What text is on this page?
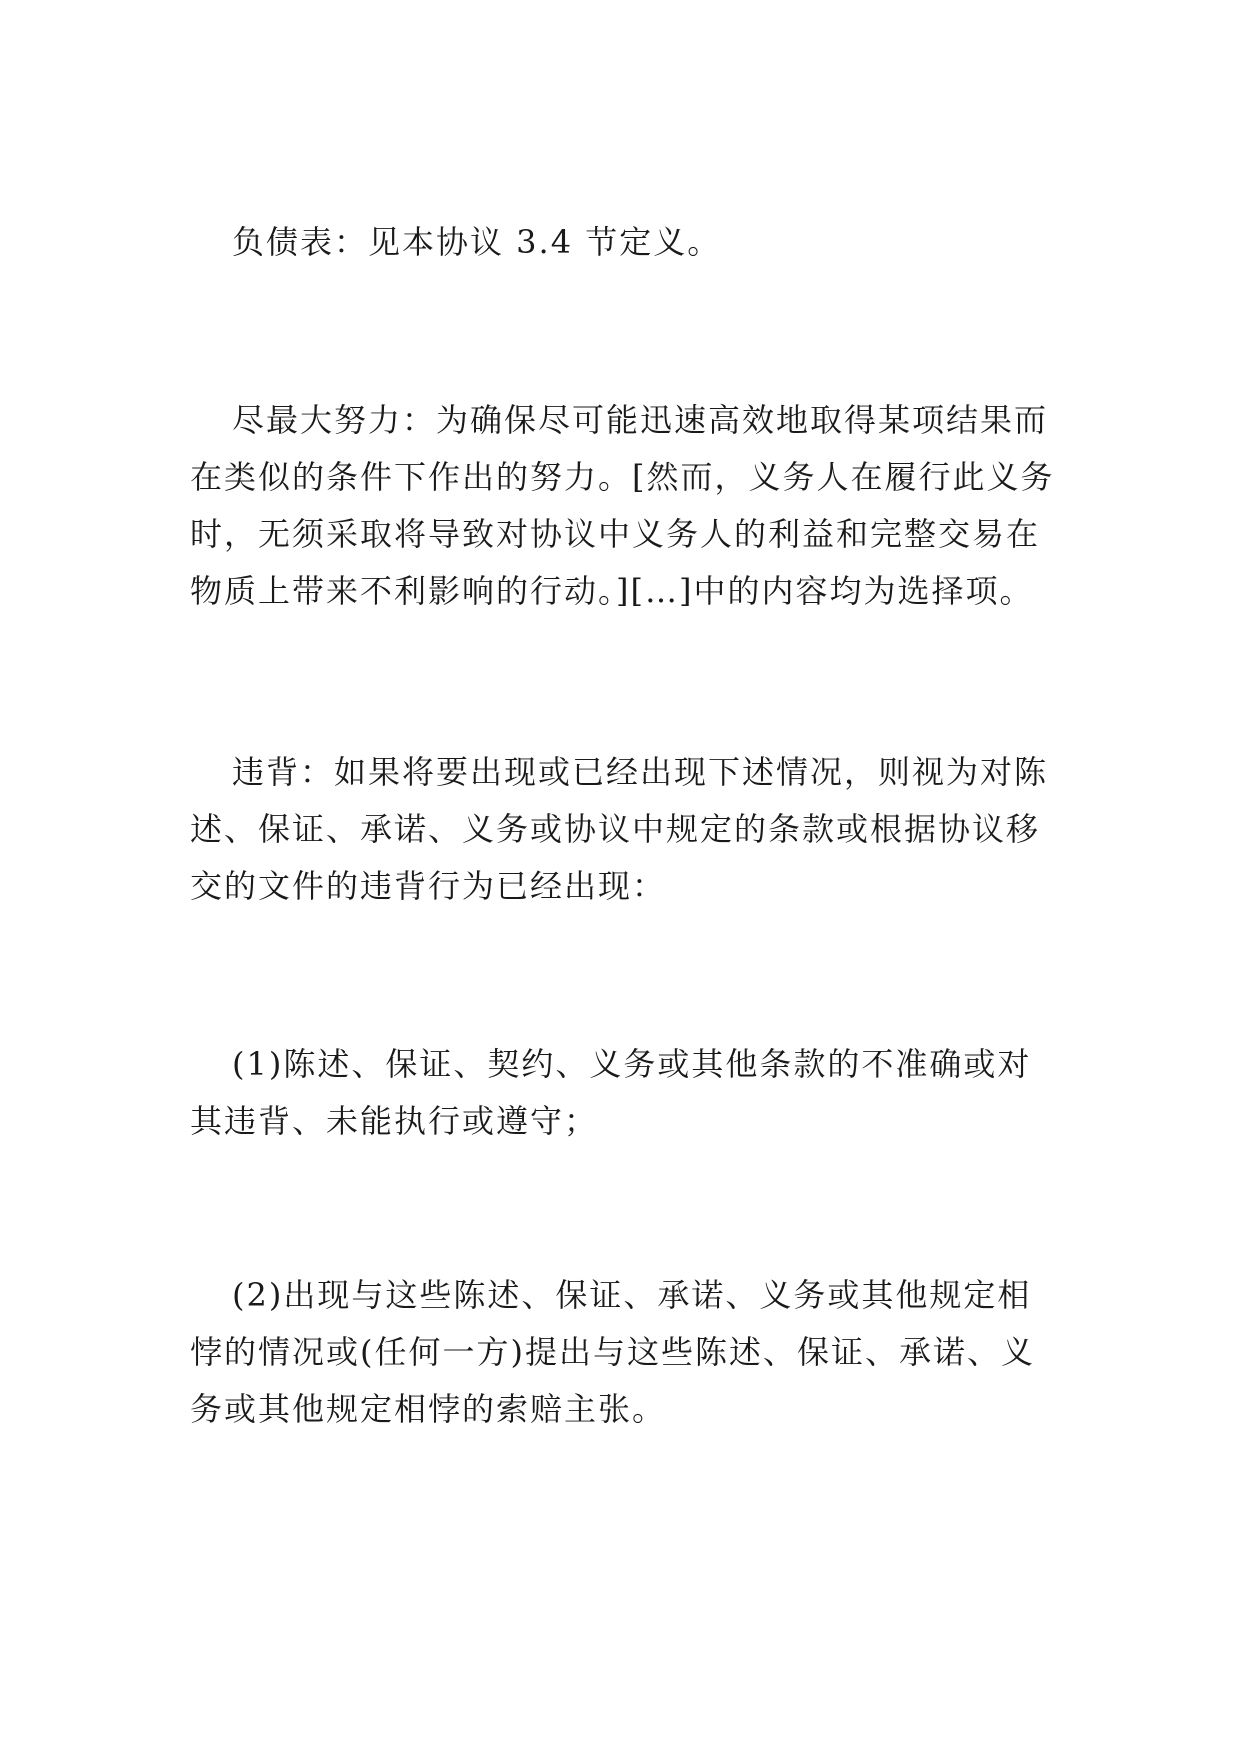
负债表：见本协议 3.4 节定义。

尽最大努力：为确保尽可能迅速高效地取得某项结果而在类似的条件下作出的努力。[然而，义务人在履行此义务时，无须采取将导致对协议中义务人的利益和完整交易在物质上带来不利影响的行动。][…]中的内容均为选择项。

违背：如果将要出现或已经出现下述情况，则视为对陈述、保证、承诺、义务或协议中规定的条款或根据协议移交的文件的违背行为已经出现：

(1)陈述、保证、契约、义务或其他条款的不准确或对其违背、未能执行或遵守；

(2)出现与这些陈述、保证、承诺、义务或其他规定相悖的情况或(任何一方)提出与这些陈述、保证、承诺、义务或其他规定相悖的索赔主张。
